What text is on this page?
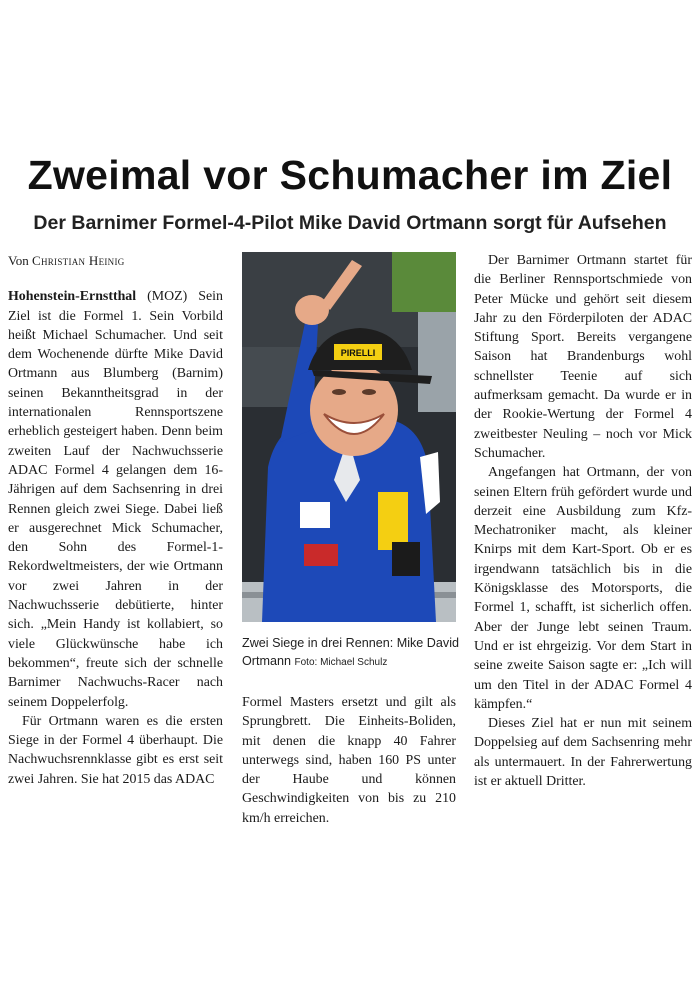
Zweimal vor Schumacher im Ziel
Der Barnimer Formel-4-Pilot Mike David Ortmann sorgt für Aufsehen

Von Christian Heinig

Hohenstein-Ernstthal (MOZ) Sein Ziel ist die Formel 1. Sein Vorbild heißt Michael Schumacher. Und seit dem Wochenende dürfte Mike David Ortmann aus Blumberg (Barnim) seinen Bekanntheitsgrad in der internationalen Rennsportszene erheblich gesteigert haben. Denn beim zweiten Lauf der Nachwuchsserie ADAC Formel 4 gelangen dem 16-Jährigen auf dem Sachsenring in drei Rennen gleich zwei Siege. Dabei ließ er ausgerechnet Mick Schumacher, den Sohn des Formel-1-Rekordweltmeisters, der wie Ortmann vor zwei Jahren in der Nachwuchsserie debütierte, hinter sich. „Mein Handy ist kollabiert, so viele Glückwünsche habe ich bekommen“, freute sich der schnelle Barnimer Nachwuchs-Racer nach seinem Doppelerfolg.

Für Ortmann waren es die ersten Siege in der Formel 4 überhaupt. Die Nachwuchsrennklasse gibt es erst seit zwei Jahren. Sie hat 2015 das ADAC

PIRELLI
Zwei Siege in drei Rennen: Mike David Ortmann Foto: Michael Schulz

Formel Masters ersetzt und gilt als Sprungbrett. Die Einheits-Boliden, mit denen die knapp 40 Fahrer unterwegs sind, haben 160 PS unter der Haube und können Geschwindigkeiten von bis zu 210 km/h erreichen.

Der Barnimer Ortmann startet für die Berliner Rennsportschmiede von Peter Mücke und gehört seit diesem Jahr zu den Förderpiloten der ADAC Stiftung Sport. Bereits vergangene Saison hat Brandenburgs wohl schnellster Teenie auf sich aufmerksam gemacht. Da wurde er in der Rookie-Wertung der Formel 4 zweitbester Neuling – noch vor Mick Schumacher.

Angefangen hat Ortmann, der von seinen Eltern früh gefördert wurde und derzeit eine Ausbildung zum Kfz-Mechatroniker macht, als kleiner Knirps mit dem Kart-Sport. Ob er es irgendwann tatsächlich bis in die Königsklasse des Motorsports, die Formel 1, schafft, ist sicherlich offen. Aber der Junge lebt seinen Traum. Und er ist ehrgeizig. Vor dem Start in seine zweite Saison sagte er: „Ich will um den Titel in der ADAC Formel 4 kämpfen.“

Dieses Ziel hat er nun mit seinem Doppelsieg auf dem Sachsenring mehr als untermauert. In der Fahrerwertung ist er aktuell Dritter.
